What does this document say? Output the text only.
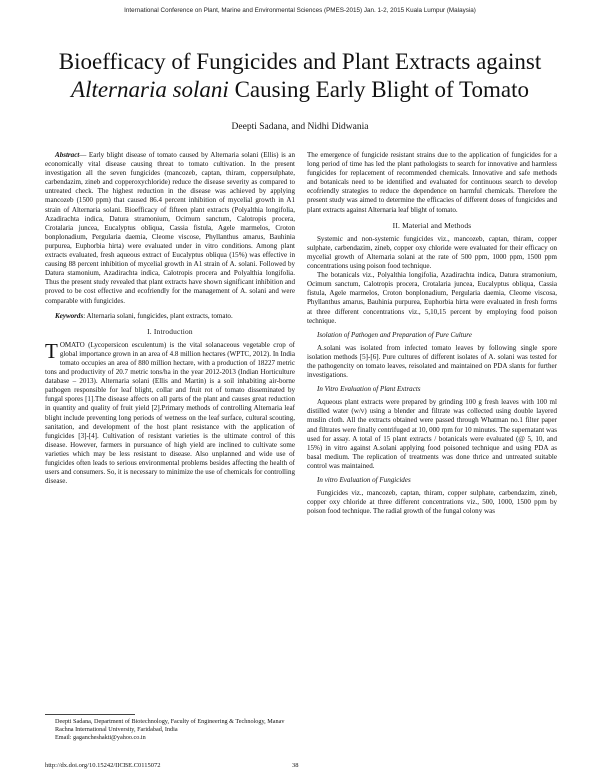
International Conference on Plant, Marine and Environmental Sciences (PMES-2015) Jan. 1-2, 2015 Kuala Lumpur (Malaysia)
Bioefficacy of Fungicides and Plant Extracts against
Alternaria solani Causing Early Blight of Tomato
Deepti Sadana, and Nidhi Didwania

Abstract— Early blight disease of tomato caused by Alternaria solani (Ellis) is an economically vital disease causing threat to tomato cultivation. In the present investigation all the seven fungicides (mancozeb, captan, thiram, coppersulphate, carbendazim, zineb and copperoxychloride) reduce the disease severity as compared to untreated check. The highest reduction in the disease was achieved by applying mancozeb (1500 ppm) that caused 86.4 percent inhibition of mycelial growth in A1 strain of Alternaria solani. Bioefficacy of fifteen plant extracts (Polyalthia longifolia, Azadirachta indica, Datura stramonium, Ocimum sanctum, Calotropis procera, Crotalaria juncea, Eucalyptus obliqua, Cassia fistula, Agele marmelos, Croton bonplonadium, Pergularia daemia, Cleome viscose, Phyllanthus amarus, Bauhinia purpurea, Euphorbia hirta) were evaluated under in vitro conditions. Among plant extracts evaluated, fresh aqueous extract of Eucalyptus obliqua (15%) was effective in causing 88 percent inhibition of mycelial growth in A1 strain of A. solani. Followed by Datura stamonium, Azadirachta indica, Calotropis procera and Polyalthia longifolia. Thus the present study revealed that plant extracts have shown significant inhibition and proved to be cost effective and ecofriendly for the management of A. solani and were comparable with fungicides.

Keywords: Alternaria solani, fungicides, plant extracts, tomato.

I. Introduction

TOMATO (Lycopersicon esculentum) is the vital solanaceous vegetable crop of global importance grown in an area of 4.8 million hectares (WPTC, 2012). In India tomato occupies an area of 880 million hectare, with a production of 18227 metric tons and productivity of 20.7 metric tons/ha in the year 2012-2013 (Indian Horticulture database – 2013). Alternaria solani (Ellis and Martin) is a soil inhabiting air-borne pathogen responsible for leaf blight, collar and fruit rot of tomato disseminated by fungal spores [1].The disease affects on all parts of the plant and causes great reduction in quantity and quality of fruit yield [2].Primary methods of controlling Alternaria leaf blight include preventing long periods of wetness on the leaf surface, cultural scouting, sanitation, and development of the host plant resistance with the application of fungicides [3]-[4]. Cultivation of resistant varieties is the ultimate control of this disease. However, farmers in pursuance of high yield are inclined to cultivate some varieties which may be less resistant to disease. Also unplanned and wide use of fungicides often leads to serious environmental problems besides affecting the health of users and consumers. So, it is necessary to minimize the use of chemicals for controlling disease.

The emergence of fungicide resistant strains due to the application of fungicides for a long period of time has led the plant pathologists to search for innovative and harmless fungicides for replacement of recommended chemicals. Innovative and safe methods and botanicals need to be identified and evaluated for continuous search to develop ecofriendly strategies to reduce the dependence on harmful chemicals. Therefore the present study was aimed to determine the efficacies of different doses of fungicides and plant extracts against Alternaria leaf blight of tomato.

II. Material and Methods

Systemic and non-systemic fungicides viz., mancozeb, captan, thiram, copper sulphate, carbendazim, zineb, copper oxy chloride were evaluated for their efficacy on mycelial growth of Alternaria solani at the rate of 500 ppm, 1000 ppm, 1500 ppm concentrations using poison food technique.

The botanicals viz., Polyalthia longifolia, Azadirachta indica, Datura stramonium, Ocimum sanctum, Calotropis procera, Crotalaria juncea, Eucalyptus obliqua, Cassia fistula, Agele marmelos, Croton bonplonadium, Pergularia daemia, Cleome viscosa, Phyllanthus amarus, Bauhinia purpurea, Euphorbia hirta were evaluated in fresh forms at three different concentrations viz., 5,10,15 percent by employing food poison technique.

Isolation of Pathogen and Preparation of Pure Culture

A.solani was isolated from infected tomato leaves by following single spore isolation methods [5]-[6]. Pure cultures of different isolates of A. solani was tested for the pathogencity on tomato leaves, reisolated and maintained on PDA slants for further investigations.

In Vitro Evaluation of Plant Extracts

Aqueous plant extracts were prepared by grinding 100 g fresh leaves with 100 ml distilled water (w/v) using a blender and filtrate was collected using double layered muslin cloth. All the extracts obtained were passed through Whatman no.1 filter paper and filtrates were finally centrifuged at 10, 000 rpm for 10 minutes. The supernatant was used for assay. A total of 15 plant extracts / botanicals were evaluated (@ 5, 10, and 15%) in vitro against A.solani applying food poisoned technique and using PDA as basal medium. The replication of treatments was done thrice and untreated suitable control was maintained.

In vitro Evaluation of Fungicides

Fungicides viz., mancozeb, captan, thiram, copper sulphate, carbendazim, zineb, copper oxy chloride at three different concentrations viz., 500, 1000, 1500 ppm by poison food technique. The radial growth of the fungal colony was

Deepti Sadana, Department of Biotechnology, Faculty of Engineering & Technology, Manav Rachna International University, Faridabad, India
Email: gagancheshakti@yahoo.co.in
http://dx.doi.org/10.15242/IICBE.C0115072	38
